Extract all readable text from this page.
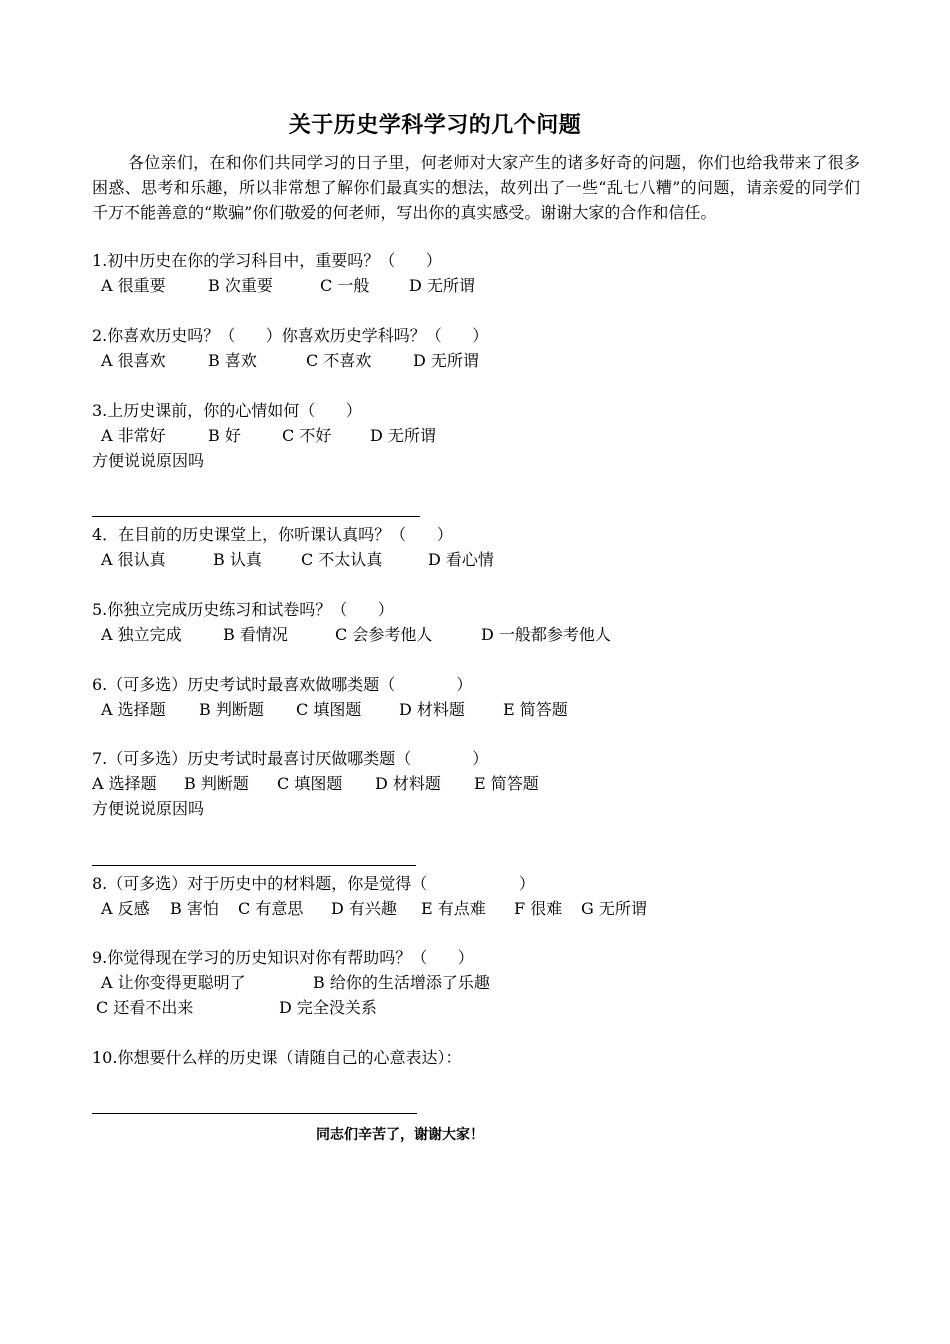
关于历史学科学习的几个问题
各位亲们，在和你们共同学习的日子里，何老师对大家产生的诸多好奇的问题，你们也给我带来了很多困惑、思考和乐趣，所以非常想了解你们最真实的想法，故列出了一些“乱七八糟”的问题，请亲爱的同学们千万不能善意的“欺骗”你们敬爱的何老师，写出你的真实感受。谢谢大家的合作和信任。
1.初中历史在你的学习科目中，重要吗？（      ）
A 很重要	B 次重要	C 一般 D 无所谓
2.你喜欢历史吗？（      ）你喜欢历史学科吗？（      ）
A 很喜欢	B 喜欢	C 不喜欢	D 无所谓
3.上历史课前，你的心情如何（      ）
A 非常好	B 好	C 不好 D 无所谓
方便说说原因吗
4．在目前的历史课堂上，你听课认真吗？（      ）
A 很认真	B 认真 C 不太认真	D 看心情
5.你独立完成历史练习和试卷吗？（      ）
A 独立完成	B 看情况	C 会参考他人	D 一般都参考他人
6.（可多选）历史考试时最喜欢做哪类题（            ）
A 选择题 B 判断题 C 填图题 D 材料题 E 简答题
7.（可多选）历史考试时最喜讨厌做哪类题（            ）
A 选择题 B 判断题 C 填图题 D 材料题 E 简答题
方便说说原因吗
8.（可多选）对于历史中的材料题，你是觉得（                  ）
A 反感 B 害怕 C 有意思 D 有兴趣 E 有点难 F 很难 G 无所谓
9.你觉得现在学习的历史知识对你有帮助吗？（      ）
A 让你变得更聪明了	B 给你的生活增添了乐趣
C 还看不出来	D 完全没关系
10.你想要什么样的历史课（请随自己的心意表达）：
同志们辛苦了，谢谢大家！
